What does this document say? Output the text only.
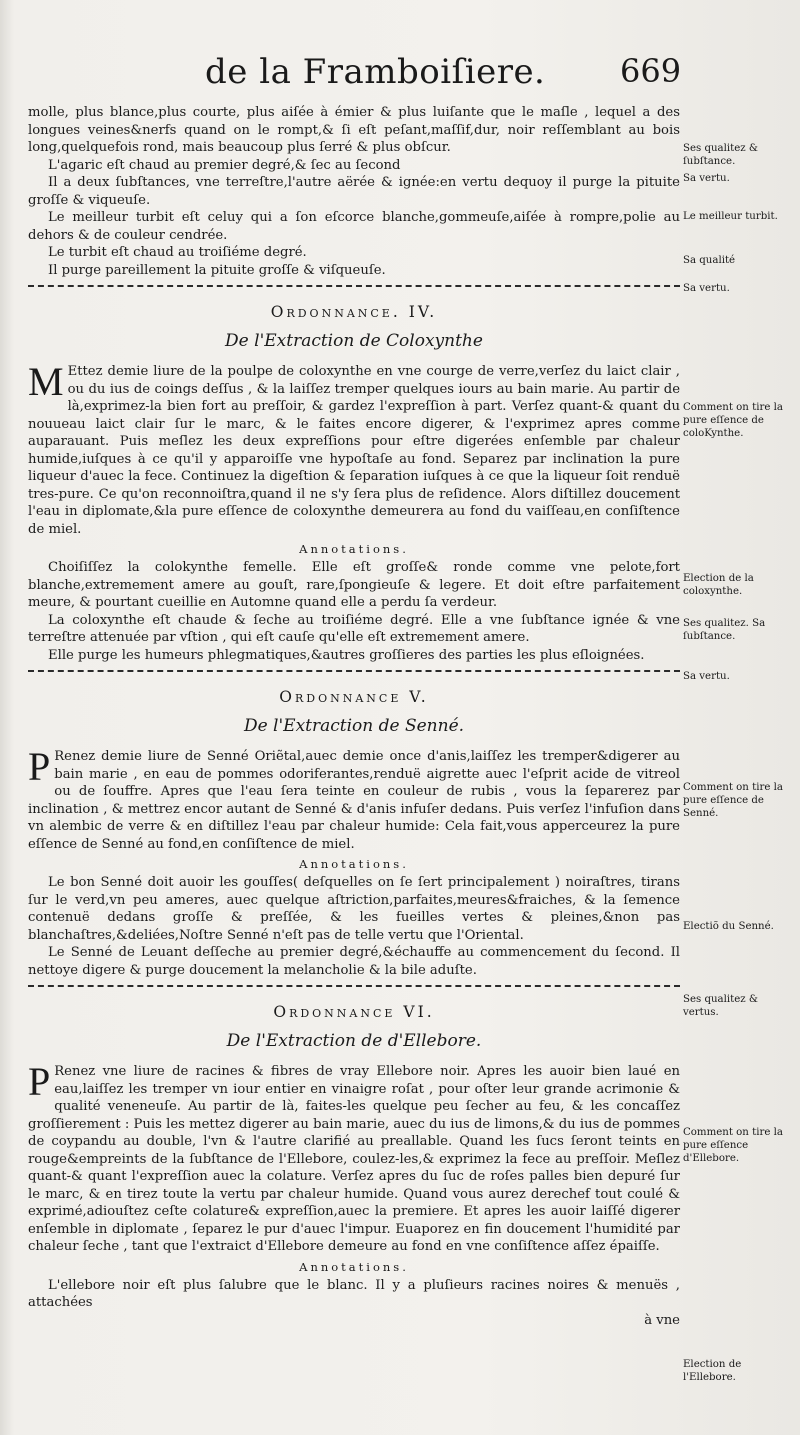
de la Framboiſiere. 669

molle, plus blance,plus courte, plus aiſée à émier & plus luiſante que le maſle , lequel a des longues veines&nerfs quand on le rompt,& ſi eſt peſant,maſſif,dur, noir reſſemblant au bois long,quelquefois rond, mais beaucoup plus ſerré & plus obſcur.

L'agaric eſt chaud au premier degré,& ſec au ſecond

Il a deux ſubſtances, vne terreſtre,l'autre aërée & ignée:en vertu dequoy il purge la pituite groſſe & viqueuſe.

Le meilleur turbit eſt celuy qui a ſon eſcorce blanche,gommeuſe,aiſée à rompre,polie au dehors & de couleur cendrée.

Le turbit eſt chaud au troiſiéme degré.

Il purge pareillement la pituite groſſe & viſqueuſe.

Ordonnance. IV.
De l'Extraction de Coloxynthe
M Ettez demie liure de la poulpe de coloxynthe en vne courge de verre,verſez du laict clair , ou du ius de coings deſſus , & la laiſſez tremper quelques iours au bain marie. Au partir de là,exprimez-la bien fort au preſſoir, & gardez l'expreſſion à part. Verſez quant-& quant du nouueau laict clair ſur le marc, & le faites encore digerer, & l'exprimez apres comme auparauant. Puis meſlez les deux expreſſions pour eſtre digerées enſemble par chaleur humide,iuſques à ce qu'il y apparoiſſe vne hypoſtaſe au fond. Separez par inclination la pure liqueur d'auec la fece. Continuez la digeſtion & ſeparation iuſques à ce que la liqueur ſoit renduë tres-pure. Ce qu'on reconnoiſtra,quand il ne s'y ſera plus de reſidence. Alors diſtillez doucement l'eau in diplomate,&la pure eſſence de coloxynthe demeurera au fond du vaiſſeau,en conſiſtence de miel.

Annotations.

Choiſiſſez la colokynthe femelle. Elle eſt groſſe& ronde comme vne pelote,fort blanche,extremement amere au gouſt, rare,ſpongieuſe & legere. Et doit eſtre parfaitement meure, & pourtant cueillie en Automne quand elle a perdu ſa verdeur.

La coloxynthe eſt chaude & ſeche au troiſiéme degré. Elle a vne ſubſtance ignée & vne terreſtre attenuée par vſtion , qui eſt cauſe qu'elle eſt extremement amere.

Elle purge les humeurs phlegmatiques,&autres groſſieres des parties les plus eſloignées.

Ordonnance V.
De l'Extraction de Senné.
P Renez demie liure de Senné Oriẽtal,auec demie once d'anis,laiſſez les tremper&digerer au bain marie , en eau de pommes odoriferantes,renduë aigrette auec l'eſprit acide de vitreol ou de ſouffre. Apres que l'eau ſera teinte en couleur de rubis , vous la ſeparerez par inclination , & mettrez encor autant de Senné & d'anis infuſer dedans. Puis verſez l'infuſion dans vn alembic de verre & en diſtillez l'eau par chaleur humide: Cela fait,vous apperceurez la pure eſſence de Senné au fond,en conſiſtence de miel.

Annotations.

Le bon Senné doit auoir les gouſſes( deſquelles on ſe ſert principalement ) noiraſtres, tirans ſur le verd,vn peu ameres, auec quelque aſtriction,parfaites,meures&fraiches, & la ſemence contenuë dedans groſſe & preſſée, & les fueilles vertes & pleines,&non pas blanchaſtres,&deliées,Noſtre Senné n'eſt pas de telle vertu que l'Oriental.

Le Senné de Leuant deſſeche au premier degré,&échauffe au commencement du ſecond. Il nettoye digere & purge doucement la melancholie & la bile aduſte.

Ordonnance VI.
De l'Extraction de d'Ellebore.
P Renez vne liure de racines & fibres de vray Ellebore noir. Apres les auoir bien laué en eau,laiſſez les tremper vn iour entier en vinaigre roſat , pour oſter leur grande acrimonie & qualité veneneuſe. Au partir de là, faites-les quelque peu ſecher au feu, & les concaſſez groſſierement : Puis les mettez digerer au bain marie, auec du ius de limons,& du ius de pommes de coурandu au double, l'vn & l'autre clarifié au preallable. Quand les ſucs ſeront teints en rouge&empreints de la ſubſtance de l'Ellebore, coulez-les,& exprimez la fece au preſſoir. Meſlez quant-& quant l'expreſſion auec la colature. Verſez apres du ſuc de roſes palles bien depuré ſur le marc, & en tirez toute la vertu par chaleur humide. Quand vous aurez derechef tout coulé & exprimé,adiouſtez ceſte colature& expreſſion,auec la premiere. Et apres les auoir laiſſé digerer enſemble in diplomate , ſeparez le pur d'auec l'impur. Euaporez en fin doucement l'humidité par chaleur ſeche , tant que l'extraict d'Ellebore demeure au fond en vne conſiſtence aſſez épaiſſe.

Annotations.

L'ellebore noir eſt plus ſalubre que le blanc. Il y a pluſieurs racines noires & menuës , attachées

à vne
Ses qualitez & ſubſtance.
Sa vertu.
Le meilleur turbit.
Sa qualité
Sa vertu.
Comment on tire la pure eſſence de coloKynthe.
Election de la coloxynthe.
Ses qualitez. Sa ſubſtance.
Sa vertu.
Comment on tire la pure eſſence de Senné.
Electiõ du Senné.
Ses qualitez & vertus.
Comment on tire la pure eſſence d'Ellebore.
Election de l'Ellebore.
